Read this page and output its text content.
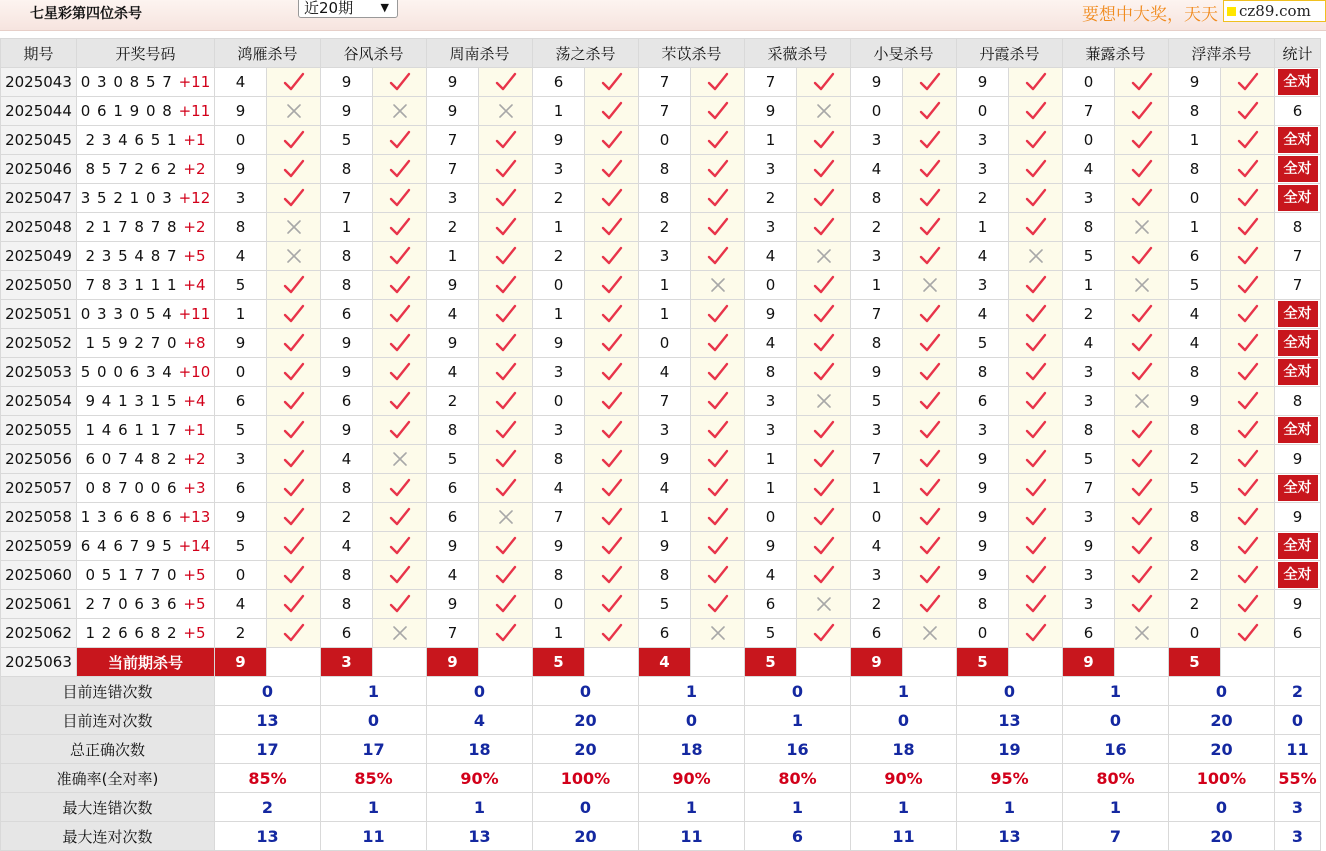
七星彩第四位杀号	近20期 ▼	要想中大奖，天天	cz89.com
期号	开奖号码	鸿雁杀号		谷风杀号		周南杀号		荡之杀号		芣苡杀号		采薇杀号		小旻杀号		丹霞杀号		蒹露杀号		浮萍杀号		统计
2025043	0 3 0 8 5 7 +11	4		9		9		6		7		7		9		9		0		9		全对
2025044	0 6 1 9 0 8 +11	9		9		9		1		7		9		0		0		7		8		6
2025045	2 3 4 6 5 1 +1	0		5		7		9		0		1		3		3		0		1		全对
2025046	8 5 7 2 6 2 +2	9		8		7		3		8		3		4		3		4		8		全对
2025047	3 5 2 1 0 3 +12	3		7		3		2		8		2		8		2		3		0		全对
2025048	2 1 7 8 7 8 +2	8		1		2		1		2		3		2		1		8		1		8
2025049	2 3 5 4 8 7 +5	4		8		1		2		3		4		3		4		5		6		7
2025050	7 8 3 1 1 1 +4	5		8		9		0		1		0		1		3		1		5		7
2025051	0 3 3 0 5 4 +11	1		6		4		1		1		9		7		4		2		4		全对
2025052	1 5 9 2 7 0 +8	9		9		9		9		0		4		8		5		4		4		全对
2025053	5 0 0 6 3 4 +10	0		9		4		3		4		8		9		8		3		8		全对
2025054	9 4 1 3 1 5 +4	6		6		2		0		7		3		5		6		3		9		8
2025055	1 4 6 1 1 7 +1	5		9		8		3		3		3		3		3		8		8		全对
2025056	6 0 7 4 8 2 +2	3		4		5		8		9		1		7		9		5		2		9
2025057	0 8 7 0 0 6 +3	6		8		6		4		4		1		1		9		7		5		全对
2025058	1 3 6 6 8 6 +13	9		2		6		7		1		0		0		9		3		8		9
2025059	6 4 6 7 9 5 +14	5		4		9		9		9		9		4		9		9		8		全对
2025060	0 5 1 7 7 0 +5	0		8		4		8		8		4		3		9		3		2		全对
2025061	2 7 0 6 3 6 +5	4		8		9		0		5		6		2		8		3		2		9
2025062	1 2 6 6 8 2 +5	2		6		7		1		6		5		6		0		6		0		6
2025063	当前期杀号	9		3		9		5		4		5		9		5		9		5		
目前连错次数		0		1		0		0		1		0		1		0		1		0		2
目前连对次数		13		0		4		20		0		1		0		13		0		20		0
总正确次数		17		17		18		20		18		16		18		19		16		20		11
准确率(全对率)		85%		85%		90%		100%		90%		80%		90%		95%		80%		100%		55%
最大连错次数		2		1		1		0		1		1		1		1		1		0		3
最大连对次数		13		11		13		20		11		6		11		13		7		20		3
